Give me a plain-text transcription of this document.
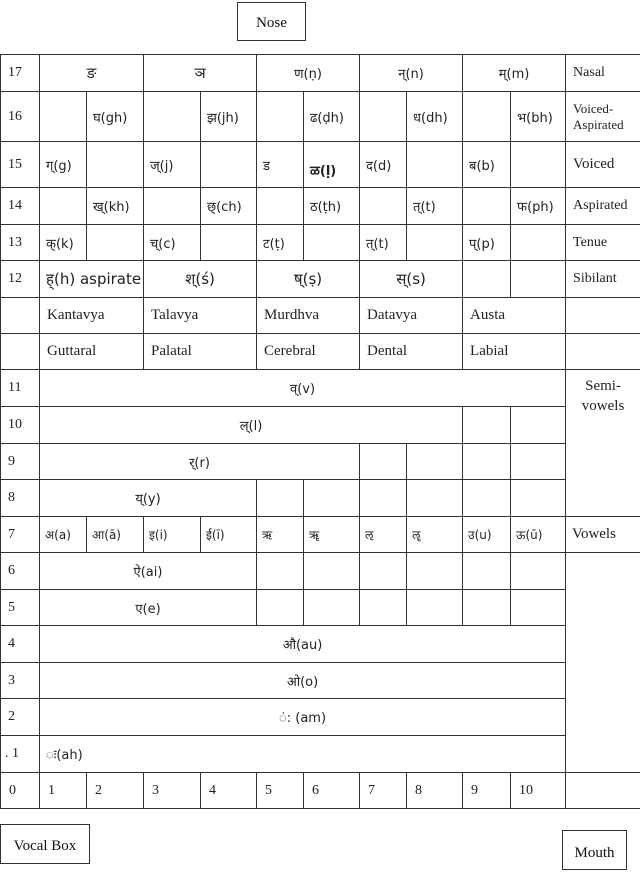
Nose
17	ङ		ञ		ण(ṇ)		न्(n)		म्(m)		Nasal
16		घ(gh)		झ(jh)		ढ(ḍh)		ध(dh)		भ(bh)	Voiced-
Aspirated
15	ग्(g)		ज्(j)		ड	ळ(ḷ)	द(d)		ब(b)		Voiced
14		ख्(kh)		छ्(ch)		ठ(ṭh)		त्(t)		फ(ph)	Aspirated
13	क्(k)		च्(c)		ट(ṭ)		त्(t)		प्(p)		Tenue
12	ह्(h) aspirate		श्(ś)		ष्(ṣ)		स्(s)				Sibilant
	Kantavya		Talavya		Murdhva		Datavya		Austa		
	Guttaral		Palatal		Cerebral		Dental		Labial		
11	व्(v)										Semi-
vowels
10	ल्(l)										
9	र्(r)										
8	य्(y)										
7	अ(a)	आ(ā)	इ(i)	ई(ī)	ऋ	ॠ	ऌ	ॡ	उ(u)	ऊ(ū)	Vowels
6	ऐ(ai)										
5	ए(e)										
4	औ(au)										
3	ओ(o)										
2	ं: (am)										
. 1	ः(ah)										
0	1	2	3	4	5	6	7	8	9	10	
Vocal Box	Mouth
